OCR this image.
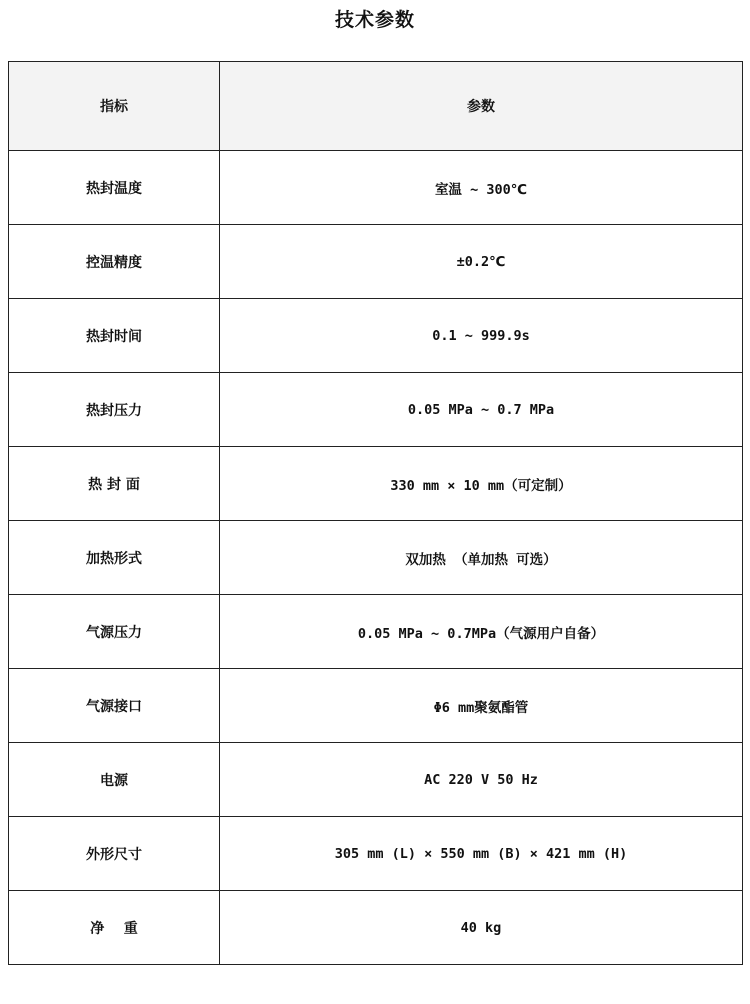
技术参数
指标	参数
热封温度	室温 ~ 300℃
控温精度	±0.2℃
热封时间	0.1 ~ 999.9s
热封压力	0.05 MPa ~ 0.7 MPa
热 封 面	330 mm × 10 mm（可定制）
加热形式	双加热 （单加热 可选）
气源压力	0.05 MPa ~ 0.7MPa（气源用户自备）
气源接口	Φ6 mm聚氨酯管
电源	AC 220 V 50 Hz
外形尺寸	305 mm (L) × 550 mm (B) × 421 mm (H)
净    重	40 kg
